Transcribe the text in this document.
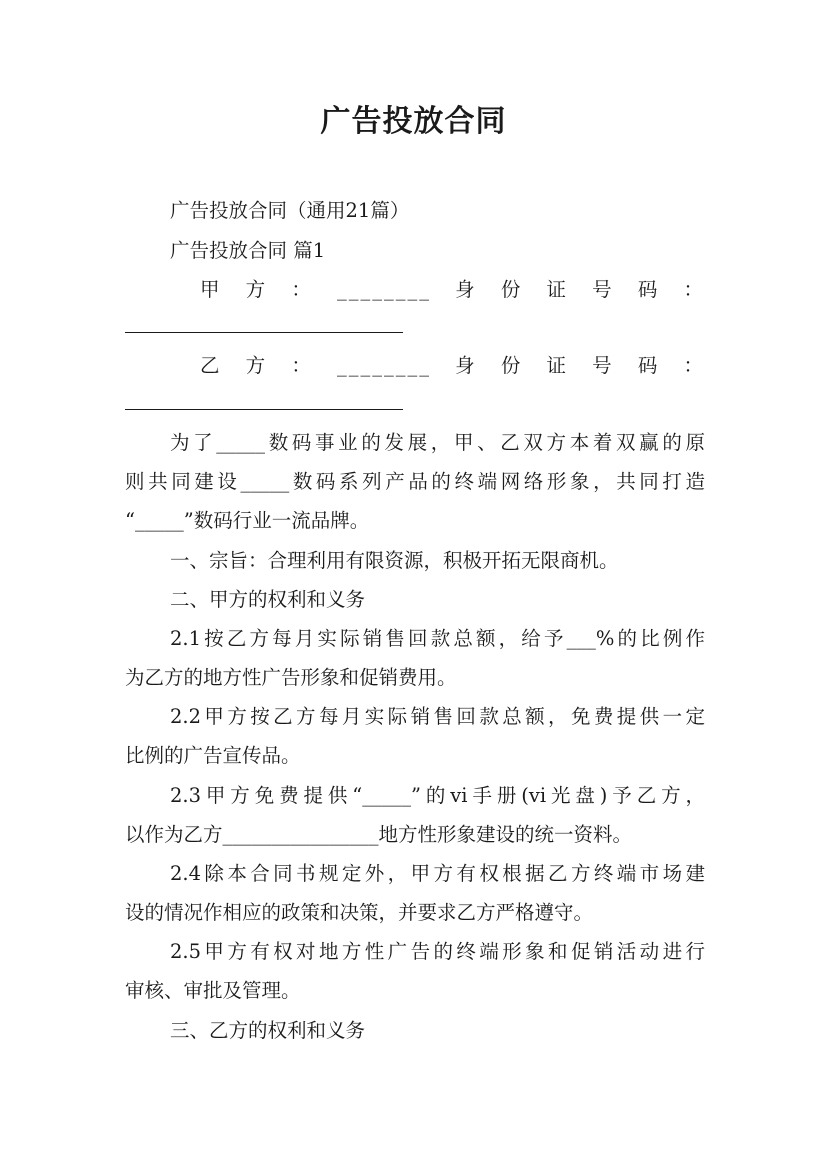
广告投放合同
广告投放合同（通用21篇）
广告投放合同 篇1
甲方：________身份证号码：
乙方：________身份证号码：
为了_____数码事业的发展，甲、乙双方本着双赢的原
则共同建设_____数码系列产品的终端网络形象，共同打造
“_____”数码行业一流品牌。
一、宗旨：合理利用有限资源，积极开拓无限商机。
二、甲方的权利和义务
2.1按乙方每月实际销售回款总额，给予___%的比例作
为乙方的地方性广告形象和促销费用。
2.2甲方按乙方每月实际销售回款总额，免费提供一定
比例的广告宣传品。
2.3甲方免费提供“_____”的vi手册(vi光盘)予乙方，
以作为乙方________________地方性形象建设的统一资料。
2.4除本合同书规定外，甲方有权根据乙方终端市场建
设的情况作相应的政策和决策，并要求乙方严格遵守。
2.5甲方有权对地方性广告的终端形象和促销活动进行
审核、审批及管理。
三、乙方的权利和义务
